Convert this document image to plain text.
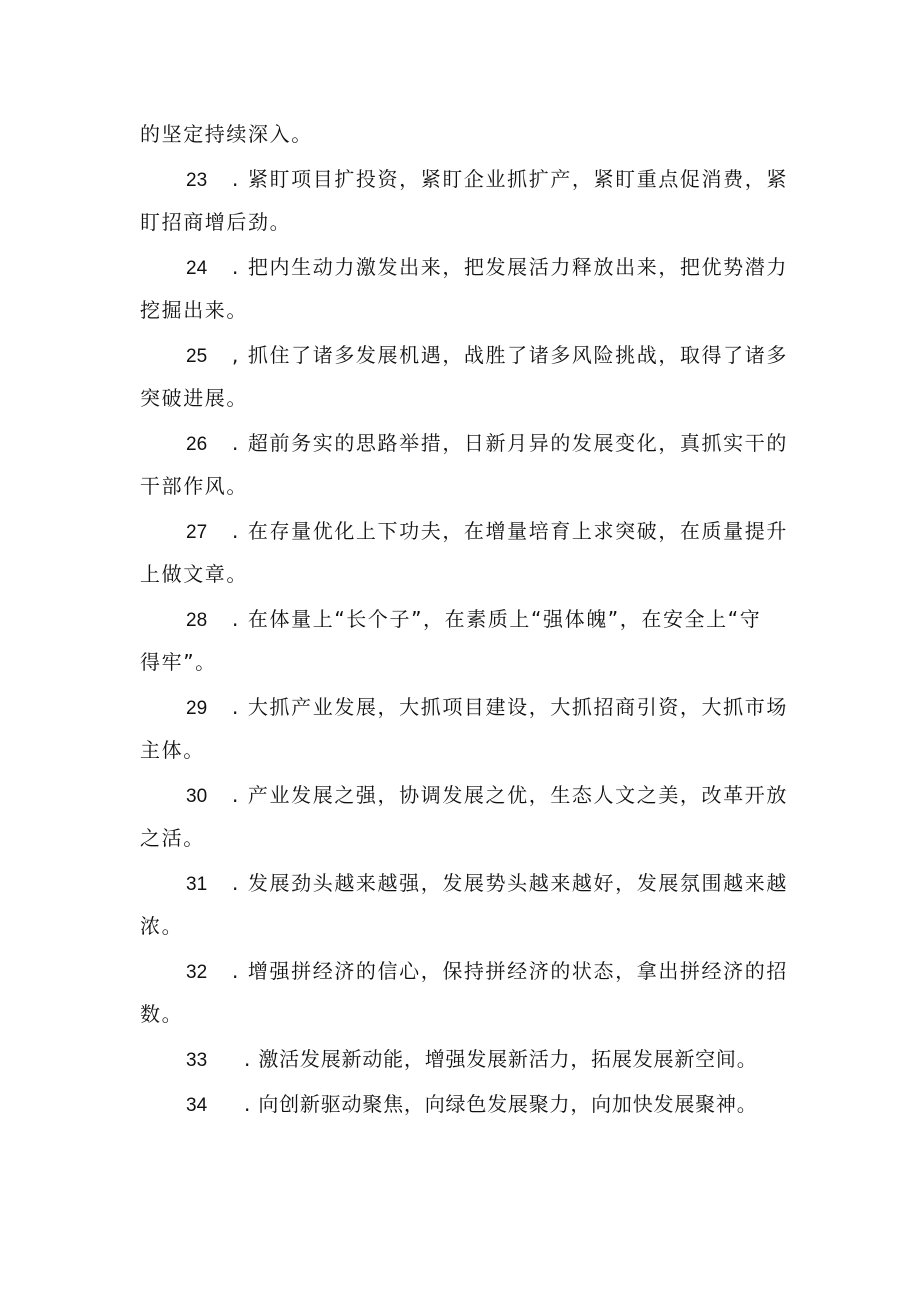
的坚定持续深入。
23 . 紧盯项目扩投资，紧盯企业抓扩产，紧盯重点促消费，紧
盯招商增后劲。
24 . 把内生动力激发出来，把发展活力释放出来，把优势潜力
挖掘出来。
25 , 抓住了诸多发展机遇，战胜了诸多风险挑战，取得了诸多
突破进展。
26 . 超前务实的思路举措，日新月异的发展变化，真抓实干的
干部作风。
27 . 在存量优化上下功夫，在增量培育上求突破，在质量提升
上做文章。
28 . 在体量上“长个子”，在素质上“强体魄”，在安全上“守
得牢”。
29 . 大抓产业发展，大抓项目建设，大抓招商引资，大抓市场
主体。
30 . 产业发展之强，协调发展之优，生态人文之美，改革开放
之活。
31 . 发展劲头越来越强，发展势头越来越好，发展氛围越来越
浓。
32 . 增强拼经济的信心，保持拼经济的状态，拿出拼经济的招
数。
33 . 激活发展新动能，增强发展新活力，拓展发展新空间。
34 . 向创新驱动聚焦，向绿色发展聚力，向加快发展聚神。
